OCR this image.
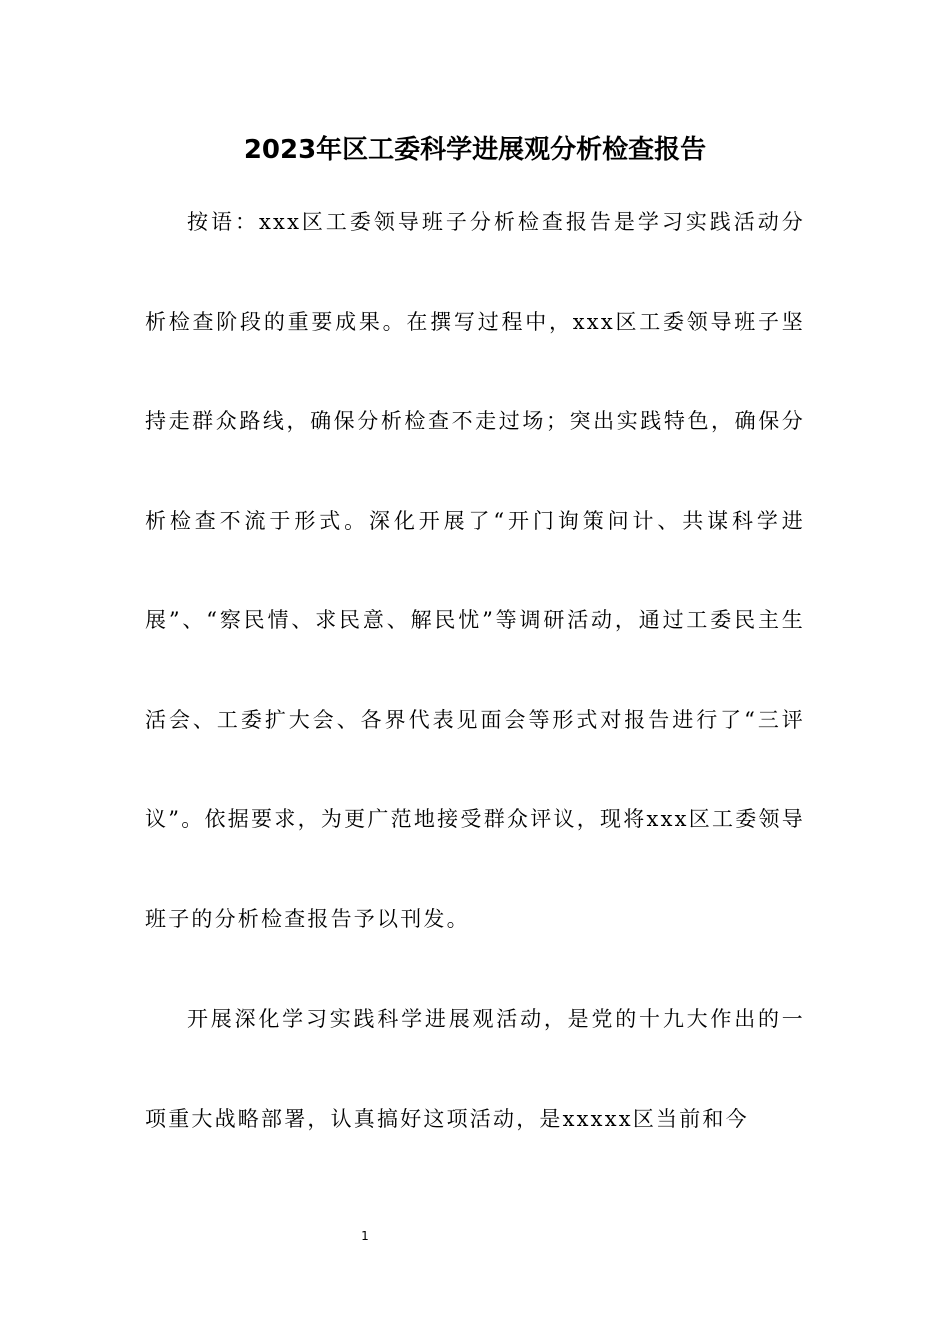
2023年区工委科学进展观分析检查报告

按语：xxx区工委领导班子分析检查报告是学习实践活动分析检查阶段的重要成果。在撰写过程中，xxx区工委领导班子坚持走群众路线，确保分析检查不走过场；突出实践特色，确保分析检查不流于形式。深化开展了“开门询策问计、共谋科学进展”、“察民情、求民意、解民忧”等调研活动，通过工委民主生活会、工委扩大会、各界代表见面会等形式对报告进行了“三评议”。依据要求，为更广范地接受群众评议，现将xxx区工委领导班子的分析检查报告予以刊发。

开展深化学习实践科学进展观活动，是党的十九大作出的一项重大战略部署，认真搞好这项活动，是xxxxx区当前和今

1
